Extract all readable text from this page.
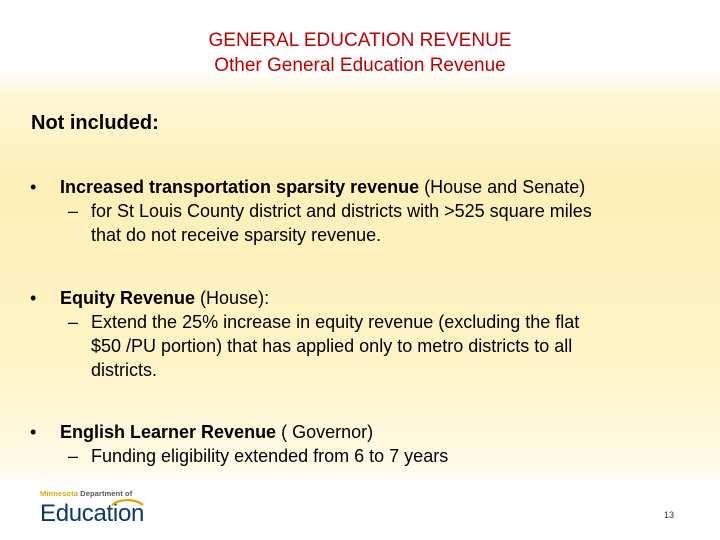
GENERAL EDUCATION REVENUE
Other General Education Revenue
Not included:
• Increased transportation sparsity revenue (House and Senate)
– for St Louis County district and districts with >525 square miles
that do not receive sparsity revenue.
• Equity Revenue (House):
– Extend the 25% increase in equity revenue (excluding the flat
$50 /PU portion) that has applied only to metro districts to all
districts.
• English Learner Revenue ( Governor)
– Funding eligibility extended from 6 to 7 years
Minnesota Department of
Education	13
